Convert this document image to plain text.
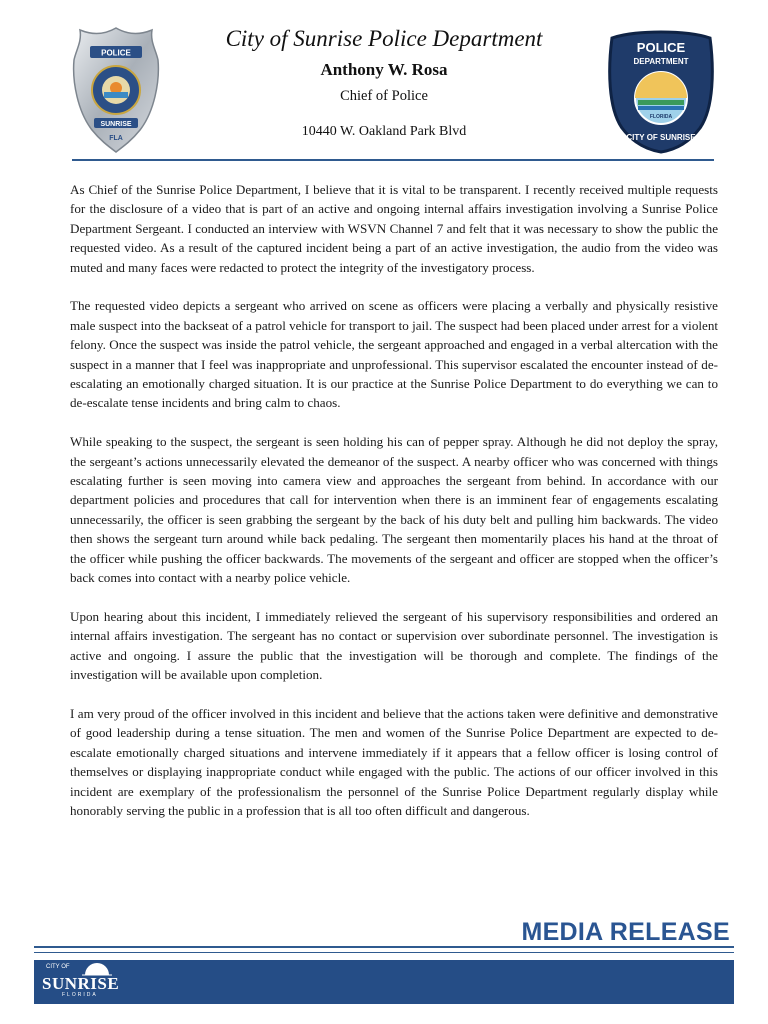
POLICE
SUNRISE
FLA
City of Sunrise Police Department
Anthony W. Rosa
Chief of Police
10440 W. Oakland Park Blvd
POLICE
DEPARTMENT
FLORIDA
CITY OF SUNRISE

As Chief of the Sunrise Police Department, I believe that it is vital to be transparent. I recently received multiple requests for the disclosure of a video that is part of an active and ongoing internal affairs investigation involving a Sunrise Police Department Sergeant. I conducted an interview with WSVN Channel 7 and felt that it was necessary to show the public the requested video. As a result of the captured incident being a part of an active investigation, the audio from the video was muted and many faces were redacted to protect the integrity of the investigatory process.

The requested video depicts a sergeant who arrived on scene as officers were placing a verbally and physically resistive male suspect into the backseat of a patrol vehicle for transport to jail. The suspect had been placed under arrest for a violent felony. Once the suspect was inside the patrol vehicle, the sergeant approached and engaged in a verbal altercation with the suspect in a manner that I feel was inappropriate and unprofessional. This supervisor escalated the encounter instead of de-escalating an emotionally charged situation. It is our practice at the Sunrise Police Department to do everything we can to de-escalate tense incidents and bring calm to chaos.

While speaking to the suspect, the sergeant is seen holding his can of pepper spray. Although he did not deploy the spray, the sergeant’s actions unnecessarily elevated the demeanor of the suspect. A nearby officer who was concerned with things escalating further is seen moving into camera view and approaches the sergeant from behind. In accordance with our department policies and procedures that call for intervention when there is an imminent fear of engagements escalating unnecessarily, the officer is seen grabbing the sergeant by the back of his duty belt and pulling him backwards. The video then shows the sergeant turn around while back pedaling. The sergeant then momentarily places his hand at the throat of the officer while pushing the officer backwards. The movements of the sergeant and officer are stopped when the officer’s back comes into contact with a nearby police vehicle.

Upon hearing about this incident, I immediately relieved the sergeant of his supervisory responsibilities and ordered an internal affairs investigation. The sergeant has no contact or supervision over subordinate personnel. The investigation is active and ongoing. I assure the public that the investigation will be thorough and complete. The findings of the investigation will be available upon completion.

I am very proud of the officer involved in this incident and believe that the actions taken were definitive and demonstrative of good leadership during a tense situation. The men and women of the Sunrise Police Department are expected to de-escalate emotionally charged situations and intervene immediately if it appears that a fellow officer is losing control of themselves or displaying inappropriate conduct while engaged with the public. The actions of our officer involved in this incident are exemplary of the professionalism the personnel of the Sunrise Police Department regularly display while honorably serving the public in a profession that is all too often difficult and dangerous.

MEDIA RELEASE
CITY OF
SUNRISE
FLORIDA
